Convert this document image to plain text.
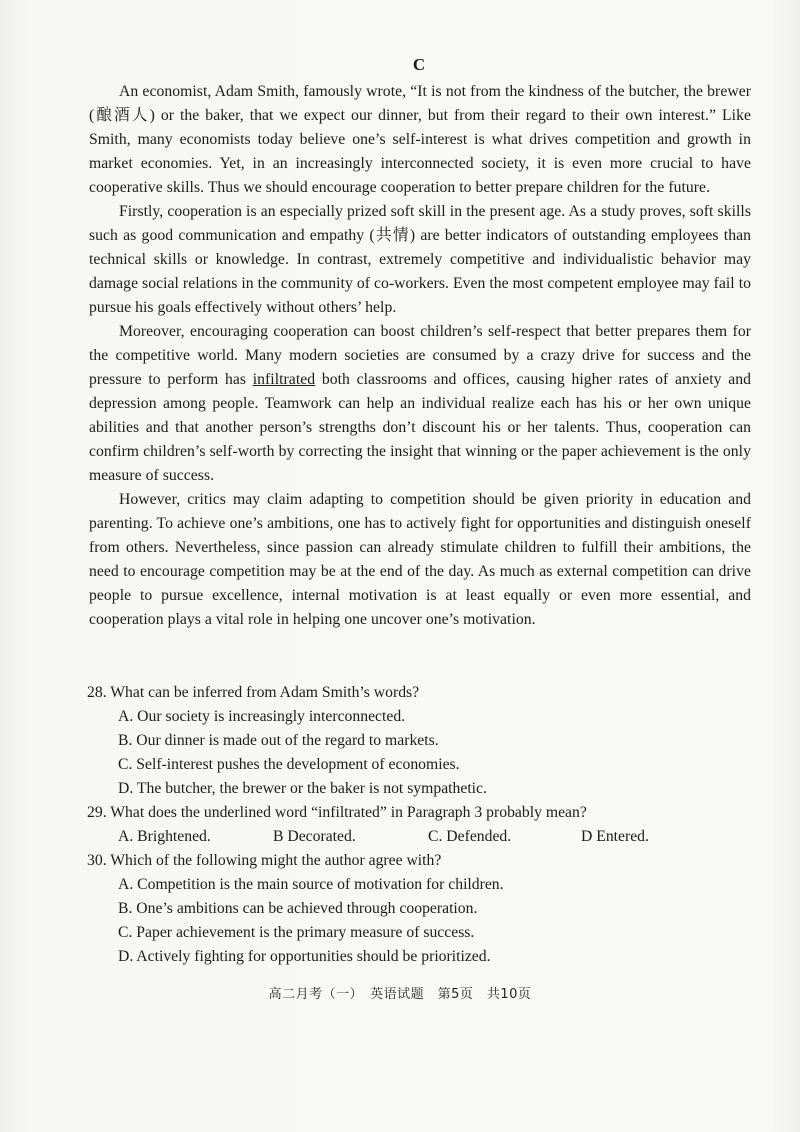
C

An economist, Adam Smith, famously wrote, “It is not from the kindness of the butcher, the brewer (酿酒人) or the baker, that we expect our dinner, but from their regard to their own interest.” Like Smith, many economists today believe one’s self-interest is what drives competition and growth in market economies. Yet, in an increasingly interconnected society, it is even more crucial to have cooperative skills. Thus we should encourage cooperation to better prepare children for the future.

Firstly, cooperation is an especially prized soft skill in the present age. As a study proves, soft skills such as good communication and empathy (共情) are better indicators of outstanding employees than technical skills or knowledge. In contrast, extremely competitive and individualistic behavior may damage social relations in the community of co-workers. Even the most competent employee may fail to pursue his goals effectively without others’ help.

Moreover, encouraging cooperation can boost children’s self-respect that better prepares them for the competitive world. Many modern societies are consumed by a crazy drive for success and the pressure to perform has infiltrated both classrooms and offices, causing higher rates of anxiety and depression among people. Teamwork can help an individual realize each has his or her own unique abilities and that another person’s strengths don’t discount his or her talents. Thus, cooperation can confirm children’s self-worth by correcting the insight that winning or the paper achievement is the only measure of success.

However, critics may claim adapting to competition should be given priority in education and parenting. To achieve one’s ambitions, one has to actively fight for opportunities and distinguish oneself from others. Nevertheless, since passion can already stimulate children to fulfill their ambitions, the need to encourage competition may be at the end of the day. As much as external competition can drive people to pursue excellence, internal motivation is at least equally or even more essential, and cooperation plays a vital role in helping one uncover one’s motivation.

28. What can be inferred from Adam Smith’s words?

A. Our society is increasingly interconnected.

B. Our dinner is made out of the regard to markets.

C. Self-interest pushes the development of economies.

D. The butcher, the brewer or the baker is not sympathetic.

29. What does the underlined word “infiltrated” in Paragraph 3 probably mean?

A. Brightened.	B Decorated.	C. Defended.	D Entered.

30. Which of the following might the author agree with?

A. Competition is the main source of motivation for children.

B. One’s ambitions can be achieved through cooperation.

C. Paper achievement is the primary measure of success.

D. Actively fighting for opportunities should be prioritized.

高二月考（一）　英语试题　第5页　共10页
